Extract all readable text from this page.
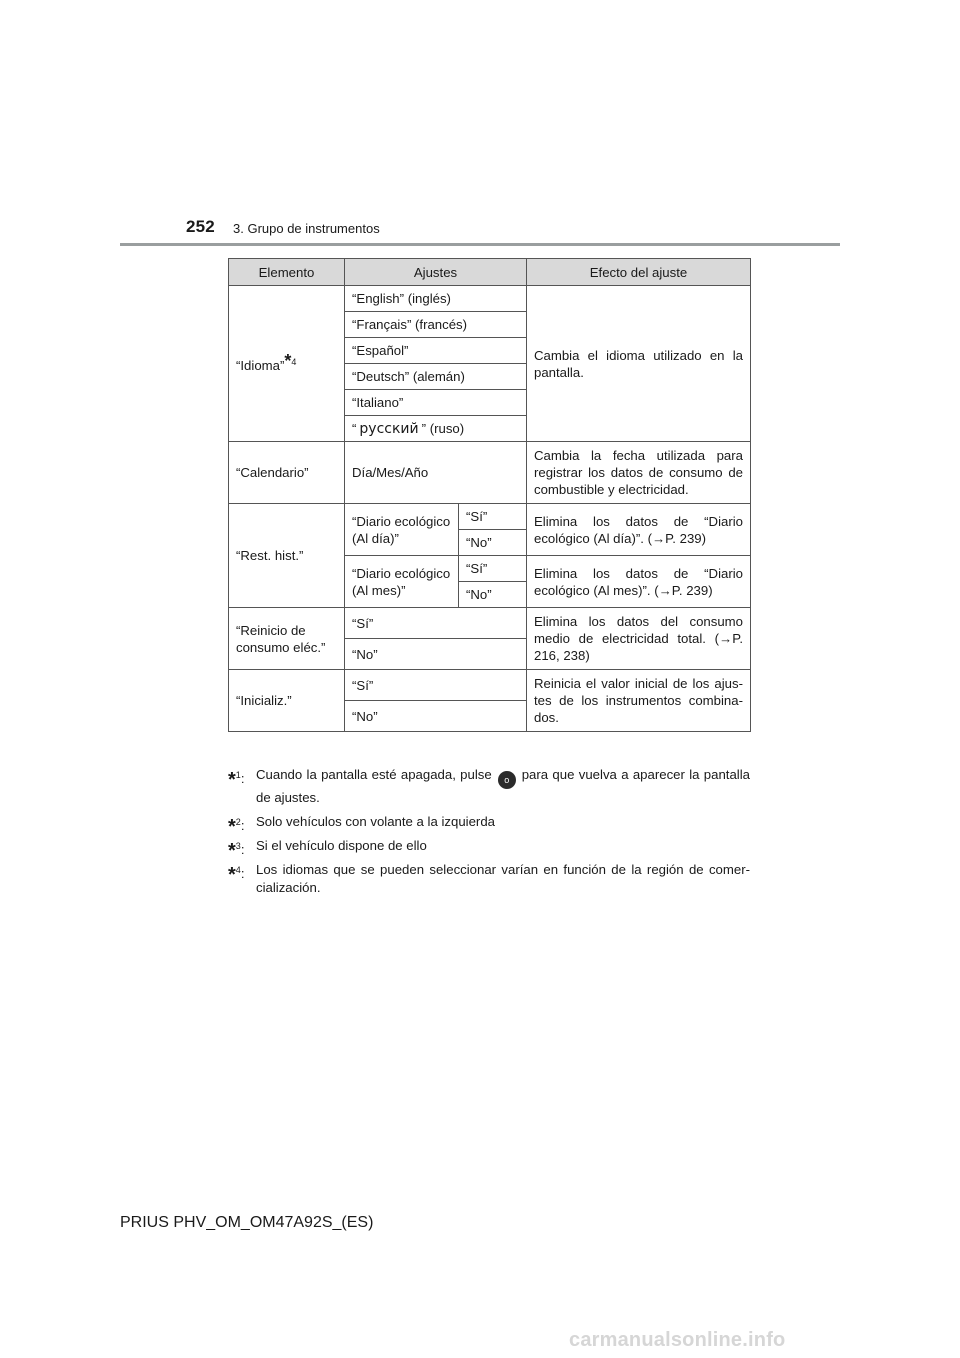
252 3. Grupo de instrumentos
Elemento	Ajustes		Efecto del ajuste
“Idioma”*$^4$	“English” (inglés)		Cambia el idioma utilizado en la pantalla.
	“Français” (francés)		
	“Español”		
	“Deutsch” (alemán)		
	“Italiano”		
	“ русский ” (ruso)		
“Calendario”	Día/Mes/Año		Cambia la fecha utilizada para registrar los datos de consumo de combustible y electricidad.
“Rest. hist.”	“Diario ecológico (Al día)”	“Sí”	Elimina los datos de “Diario ecológico (Al día)”. (→P. 239)
		“No”	
	“Diario ecológico (Al mes)”	“Sí”	Elimina los datos de “Diario ecológico (Al mes)”. (→P. 239)
		“No”	
“Reinicio de consumo eléc.”	“Sí”		Elimina los datos del consumo medio de electricidad total. (→P. 216, 238)
	“No”		
“Inicializ.”	“Sí”		Reinicia el valor inicial de los ajus- tes de los instrumentos combina- dos.
	“No”		
*$^1$: Cuando la pantalla esté apagada, pulse o para que vuelva a aparecer la pantalla de ajustes.
*$^2$: Solo vehículos con volante a la izquierda
*$^3$: Si el vehículo dispone de ello
*$^4$: Los idiomas que se pueden seleccionar varían en función de la región de comer- cialización.
PRIUS PHV_OM_OM47A92S_(ES)
carmanualsonline.info
